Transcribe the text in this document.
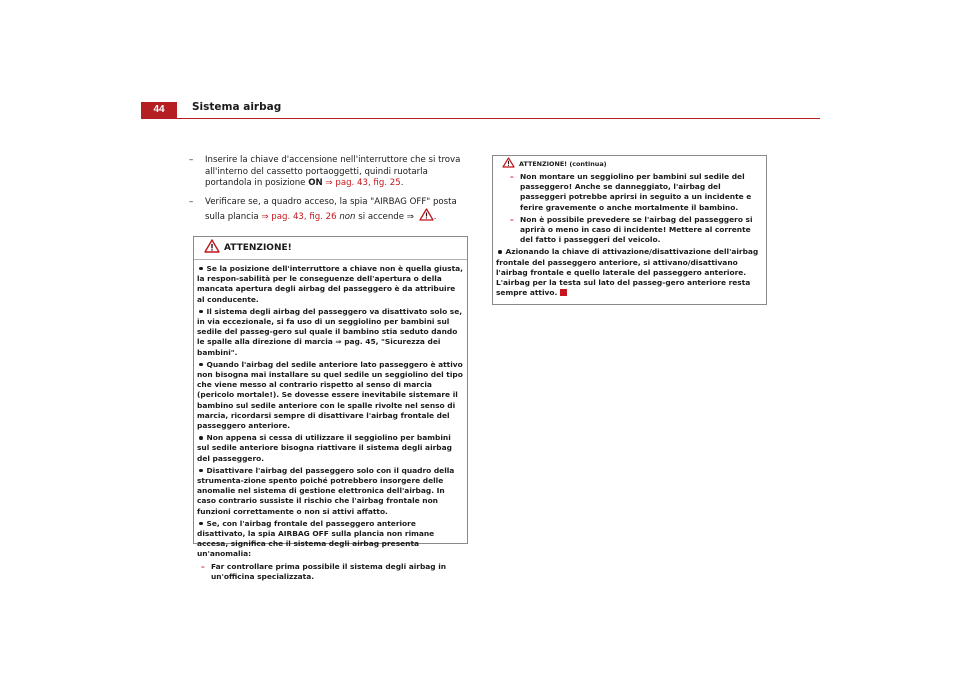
44	Sistema airbag
– Inserire la chiave d'accensione nell'interruttore che si trova all'interno del cassetto portaoggetti, quindi ruotarla portandola in posizione ON ⇒ pag. 43, fig. 25.
– Verificare se, a quadro acceso, la spia "AIRBAG OFF" posta sulla plancia ⇒ pag. 43, fig. 26 non si accende ⇒ .
ATTENZIONE!
Se la posizione dell'interruttore a chiave non è quella giusta, la respon-sabilità per le conseguenze dell'apertura o della mancata apertura degli airbag del passeggero è da attribuire al conducente.
Il sistema degli airbag del passeggero va disattivato solo se, in via eccezionale, si fa uso di un seggiolino per bambini sul sedile del passeg-gero sul quale il bambino stia seduto dando le spalle alla direzione di marcia ⇒ pag. 45, "Sicurezza dei bambini".
Quando l'airbag del sedile anteriore lato passeggero è attivo non bisogna mai installare su quel sedile un seggiolino del tipo che viene messo al contrario rispetto al senso di marcia (pericolo mortale!). Se dovesse essere inevitabile sistemare il bambino sul sedile anteriore con le spalle rivolte nel senso di marcia, ricordarsi sempre di disattivare l'airbag frontale del passeggero anteriore.
Non appena si cessa di utilizzare il seggiolino per bambini sul sedile anteriore bisogna riattivare il sistema degli airbag del passeggero.
Disattivare l'airbag del passeggero solo con il quadro della strumenta-zione spento poiché potrebbero insorgere delle anomalie nel sistema di gestione elettronica dell'airbag. In caso contrario sussiste il rischio che l'airbag frontale non funzioni correttamente o non si attivi affatto.
Se, con l'airbag frontale del passeggero anteriore disattivato, la spia AIRBAG OFF sulla plancia non rimane accesa, significa che il sistema degli airbag presenta un'anomalia:
– Far controllare prima possibile il sistema degli airbag in un'officina specializzata.
ATTENZIONE! (continua)
– Non montare un seggiolino per bambini sul sedile del passeggero! Anche se danneggiato, l'airbag del passeggeri potrebbe aprirsi in seguito a un incidente e ferire gravemente o anche mortalmente il bambino.
– Non è possibile prevedere se l'airbag del passeggero si aprirà o meno in caso di incidente! Mettere al corrente del fatto i passeggeri del veicolo.
Azionando la chiave di attivazione/disattivazione dell'airbag frontale del passeggero anteriore, si attivano/disattivano l'airbag frontale e quello laterale del passeggero anteriore. L'airbag per la testa sul lato del passeg-gero anteriore resta sempre attivo.
